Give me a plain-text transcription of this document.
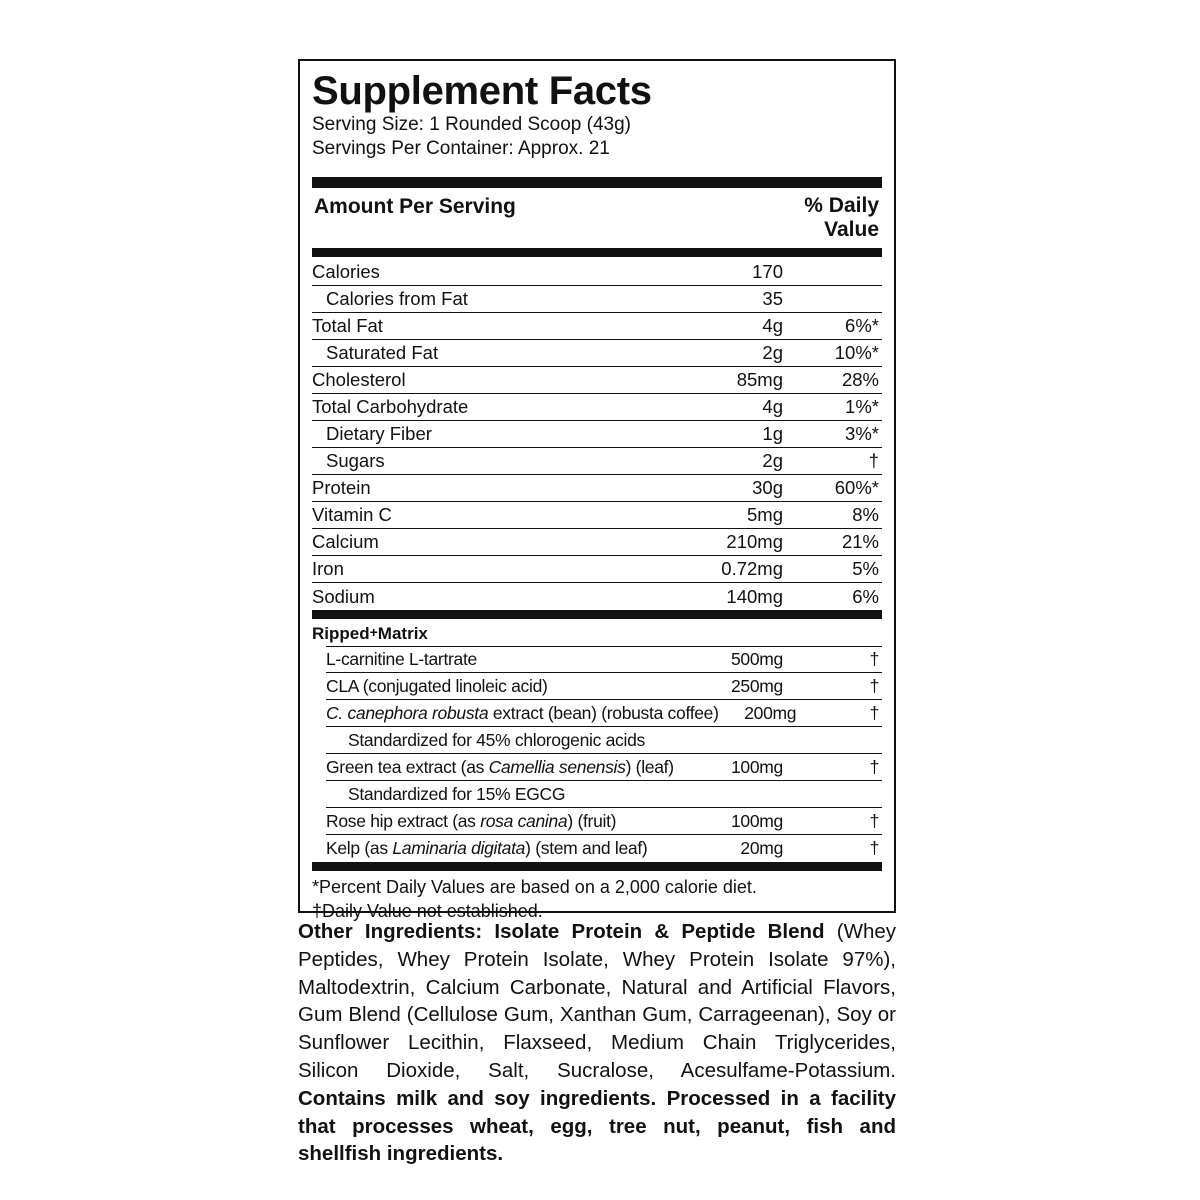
Supplement Facts
Serving Size: 1 Rounded Scoop (43g)
Servings Per Container: Approx. 21
Amount Per Serving	% Daily
Value
Calories	170
Calories from Fat	35
Total Fat	4g	6%*
Saturated Fat	2g	10%*
Cholesterol	85mg	28%
Total Carbohydrate	4g	1%*
Dietary Fiber	1g	3%*
Sugars	2g	†
Protein	30g	60%*
Vitamin C	5mg	8%
Calcium	210mg	21%
Iron	0.72mg	5%
Sodium	140mg	6%
Ripped+ Matrix
L-carnitine L-tartrate	500mg	†
CLA (conjugated linoleic acid)	250mg	†
C. canephora robusta extract (bean) (robusta coffee)	200mg	†
Standardized for 45% chlorogenic acids
Green tea extract (as Camellia senensis ) (leaf)	100mg	†
Standardized for 15% EGCG
Rose hip extract (as rosa canina ) (fruit)	100mg	†
Kelp (as Laminaria digitata ) (stem and leaf)	20mg	†
*Percent Daily Values are based on a 2,000 calorie diet.
†Daily Value not established.
Other Ingredients: Isolate Protein & Peptide Blend (Whey Peptides, Whey Protein Isolate, Whey Protein Isolate 97%), Maltodextrin, Calcium Carbonate, Natural and Artificial Flavors, Gum Blend (Cellulose Gum, Xanthan Gum, Carrageenan), Soy or Sunflower Lecithin, Flaxseed, Medium Chain Triglycerides, Silicon Dioxide, Salt, Sucralose, Acesulfame-Potassium. Contains milk and soy ingredients. Processed in a facility that processes wheat, egg, tree nut, peanut, fish and shellfish ingredients.
